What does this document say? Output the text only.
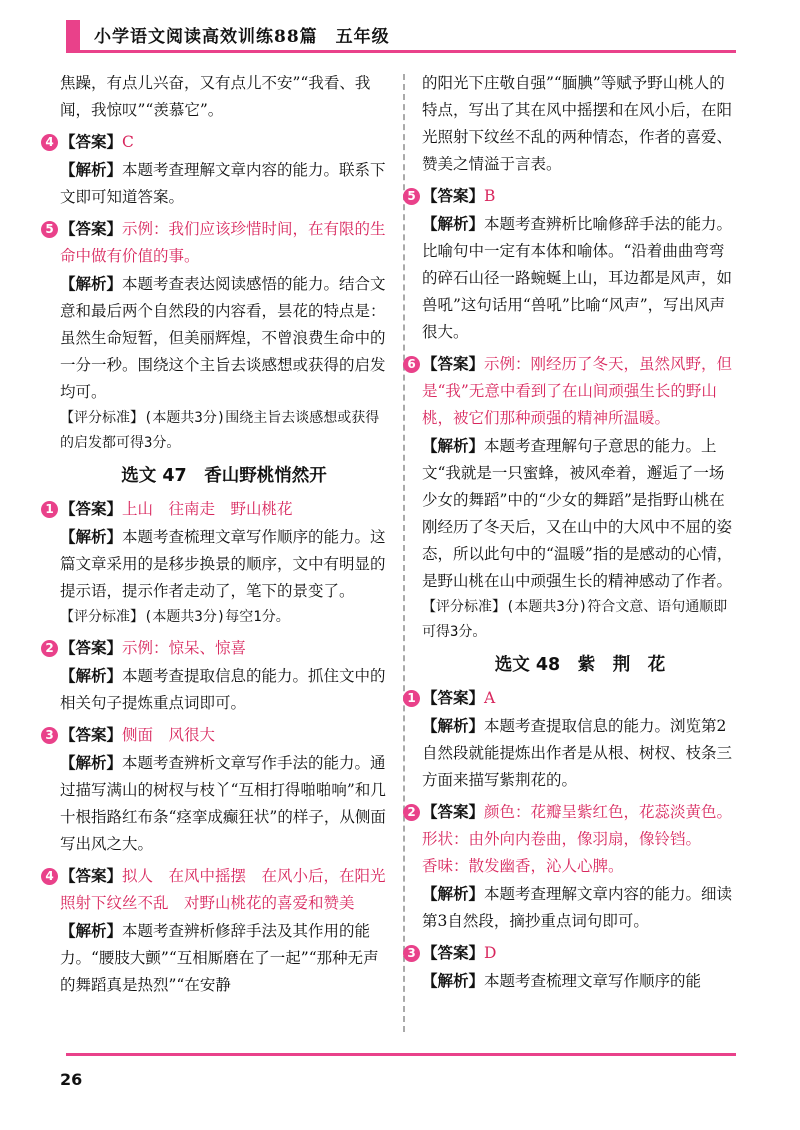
小学语文阅读高效训练88篇　五年级

焦躁，有点儿兴奋，又有点儿不安”“我看、我闻，我惊叹”“羡慕它”。

4 【答案】C

【解析】本题考查理解文章内容的能力。联系下文即可知道答案。

5 【答案】示例：我们应该珍惜时间，在有限的生命中做有价值的事。

【解析】本题考查表达阅读感悟的能力。结合文意和最后两个自然段的内容看，昙花的特点是：虽然生命短暂，但美丽辉煌，不曾浪费生命中的一分一秒。围绕这个主旨去谈感想或获得的启发均可。

【评分标准】(本题共3分)围绕主旨去谈感想或获得的启发都可得3分。

选文 47　香山野桃悄然开

1 【答案】上山　往南走　野山桃花

【解析】本题考查梳理文章写作顺序的能力。这篇文章采用的是移步换景的顺序，文中有明显的提示语，提示作者走动了，笔下的景变了。

【评分标准】(本题共3分)每空1分。

2 【答案】示例：惊呆、惊喜

【解析】本题考查提取信息的能力。抓住文中的相关句子提炼重点词即可。

3 【答案】侧面　风很大

【解析】本题考查辨析文章写作手法的能力。通过描写满山的树杈与枝丫“互相打得啪啪响”和几十根指路红布条“痉挛成癫狂状”的样子，从侧面写出风之大。

4 【答案】拟人　在风中摇摆　在风小后，在阳光照射下纹丝不乱　对野山桃花的喜爱和赞美

【解析】本题考查辨析修辞手法及其作用的能力。“腰肢大颤”“互相厮磨在了一起”“那种无声的舞蹈真是热烈”“在安静

的阳光下庄敬自强”“腼腆”等赋予野山桃人的特点，写出了其在风中摇摆和在风小后，在阳光照射下纹丝不乱的两种情态，作者的喜爱、赞美之情溢于言表。

5 【答案】B

【解析】本题考查辨析比喻修辞手法的能力。比喻句中一定有本体和喻体。“沿着曲曲弯弯的碎石山径一路蜿蜒上山，耳边都是风声，如兽吼”这句话用“兽吼”比喻“风声”，写出风声很大。

6 【答案】示例：刚经历了冬天，虽然风野，但是“我”无意中看到了在山间顽强生长的野山桃，被它们那种顽强的精神所温暖。

【解析】本题考查理解句子意思的能力。上文“我就是一只蜜蜂，被风牵着，邂逅了一场少女的舞蹈”中的“少女的舞蹈”是指野山桃在刚经历了冬天后，又在山中的大风中不屈的姿态，所以此句中的“温暖”指的是感动的心情，是野山桃在山中顽强生长的精神感动了作者。

【评分标准】(本题共3分)符合文意、语句通顺即可得3分。

选文 48　紫　荆　花

1 【答案】A

【解析】本题考查提取信息的能力。浏览第2自然段就能提炼出作者是从根、树杈、枝条三方面来描写紫荆花的。

2 【答案】颜色：花瓣呈紫红色，花蕊淡黄色。

形状：由外向内卷曲，像羽扇，像铃铛。

香味：散发幽香，沁人心脾。

【解析】本题考查理解文章内容的能力。细读第3自然段，摘抄重点词句即可。

3 【答案】D

【解析】本题考查梳理文章写作顺序的能

26
